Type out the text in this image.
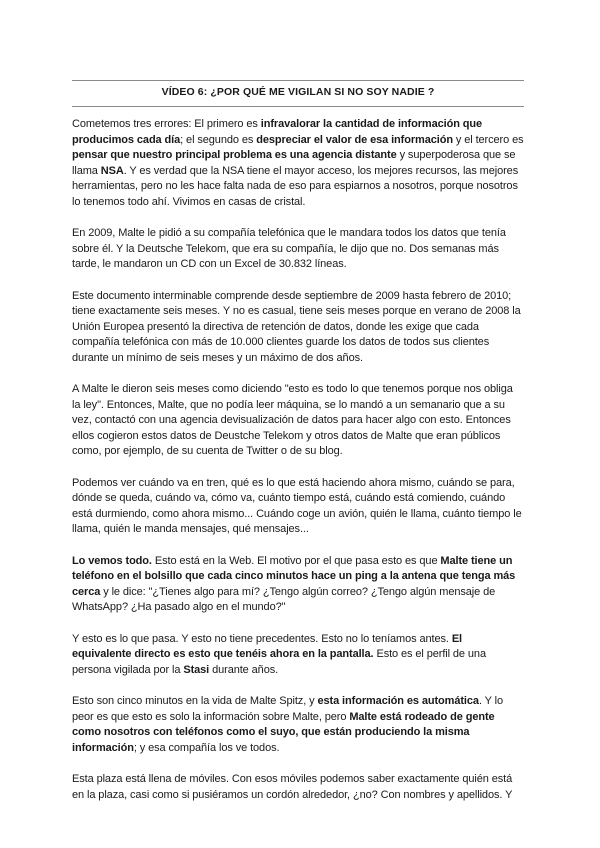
VÍDEO 6: ¿POR QUÉ ME VIGILAN SI NO SOY NADIE ?

Cometemos tres errores: El primero es infravalorar la cantidad de información que producimos cada día; el segundo es despreciar el valor de esa información y el tercero es pensar que nuestro principal problema es una agencia distante y superpoderosa que se llama NSA. Y es verdad que la NSA tiene el mayor acceso, los mejores recursos, las mejores herramientas, pero no les hace falta nada de eso para espiarnos a nosotros, porque nosotros lo tenemos todo ahí. Vivimos en casas de cristal.

En 2009, Malte le pidió a su compañía telefónica que le mandara todos los datos que tenía sobre él. Y la Deutsche Telekom, que era su compañía, le dijo que no. Dos semanas más tarde, le mandaron un CD con un Excel de 30.832 líneas.

Este documento interminable comprende desde septiembre de 2009 hasta febrero de 2010; tiene exactamente seis meses. Y no es casual, tiene seis meses porque en verano de 2008 la Unión Europea presentó la directiva de retención de datos, donde les exige que cada compañía telefónica con más de 10.000 clientes guarde los datos de todos sus clientes durante un mínimo de seis meses y un máximo de dos años.

A Malte le dieron seis meses como diciendo "esto es todo lo que tenemos porque nos obliga la ley". Entonces, Malte, que no podía leer máquina, se lo mandó a un semanario que a su vez, contactó con una agencia devisualización de datos para hacer algo con esto. Entonces ellos cogieron estos datos de Deustche Telekom y otros datos de Malte que eran públicos como, por ejemplo, de su cuenta de Twitter o de su blog.

Podemos ver cuándo va en tren, qué es lo que está haciendo ahora mismo, cuándo se para, dónde se queda, cuándo va, cómo va, cuánto tiempo está, cuándo está comiendo, cuándo está durmiendo, como ahora mismo... Cuándo coge un avión, quién le llama, cuánto tiempo le llama, quién le manda mensajes, qué mensajes...

Lo vemos todo. Esto está en la Web. El motivo por el que pasa esto es que Malte tiene un teléfono en el bolsillo que cada cinco minutos hace un ping a la antena que tenga más cerca y le dice: "¿Tienes algo para mí? ¿Tengo algún correo? ¿Tengo algún mensaje de WhatsApp? ¿Ha pasado algo en el mundo?"

Y esto es lo que pasa. Y esto no tiene precedentes. Esto no lo teníamos antes. El equivalente directo es esto que tenéis ahora en la pantalla. Esto es el perfil de una persona vigilada por la Stasi durante años.

Esto son cinco minutos en la vida de Malte Spitz, y esta información es automática. Y lo peor es que esto es solo la información sobre Malte, pero Malte está rodeado de gente como nosotros con teléfonos como el suyo, que están produciendo la misma información; y esa compañía los ve todos.

Esta plaza está llena de móviles. Con esos móviles podemos saber exactamente quién está en la plaza, casi como si pusiéramos un cordón alrededor, ¿no? Con nombres y apellidos. Y
